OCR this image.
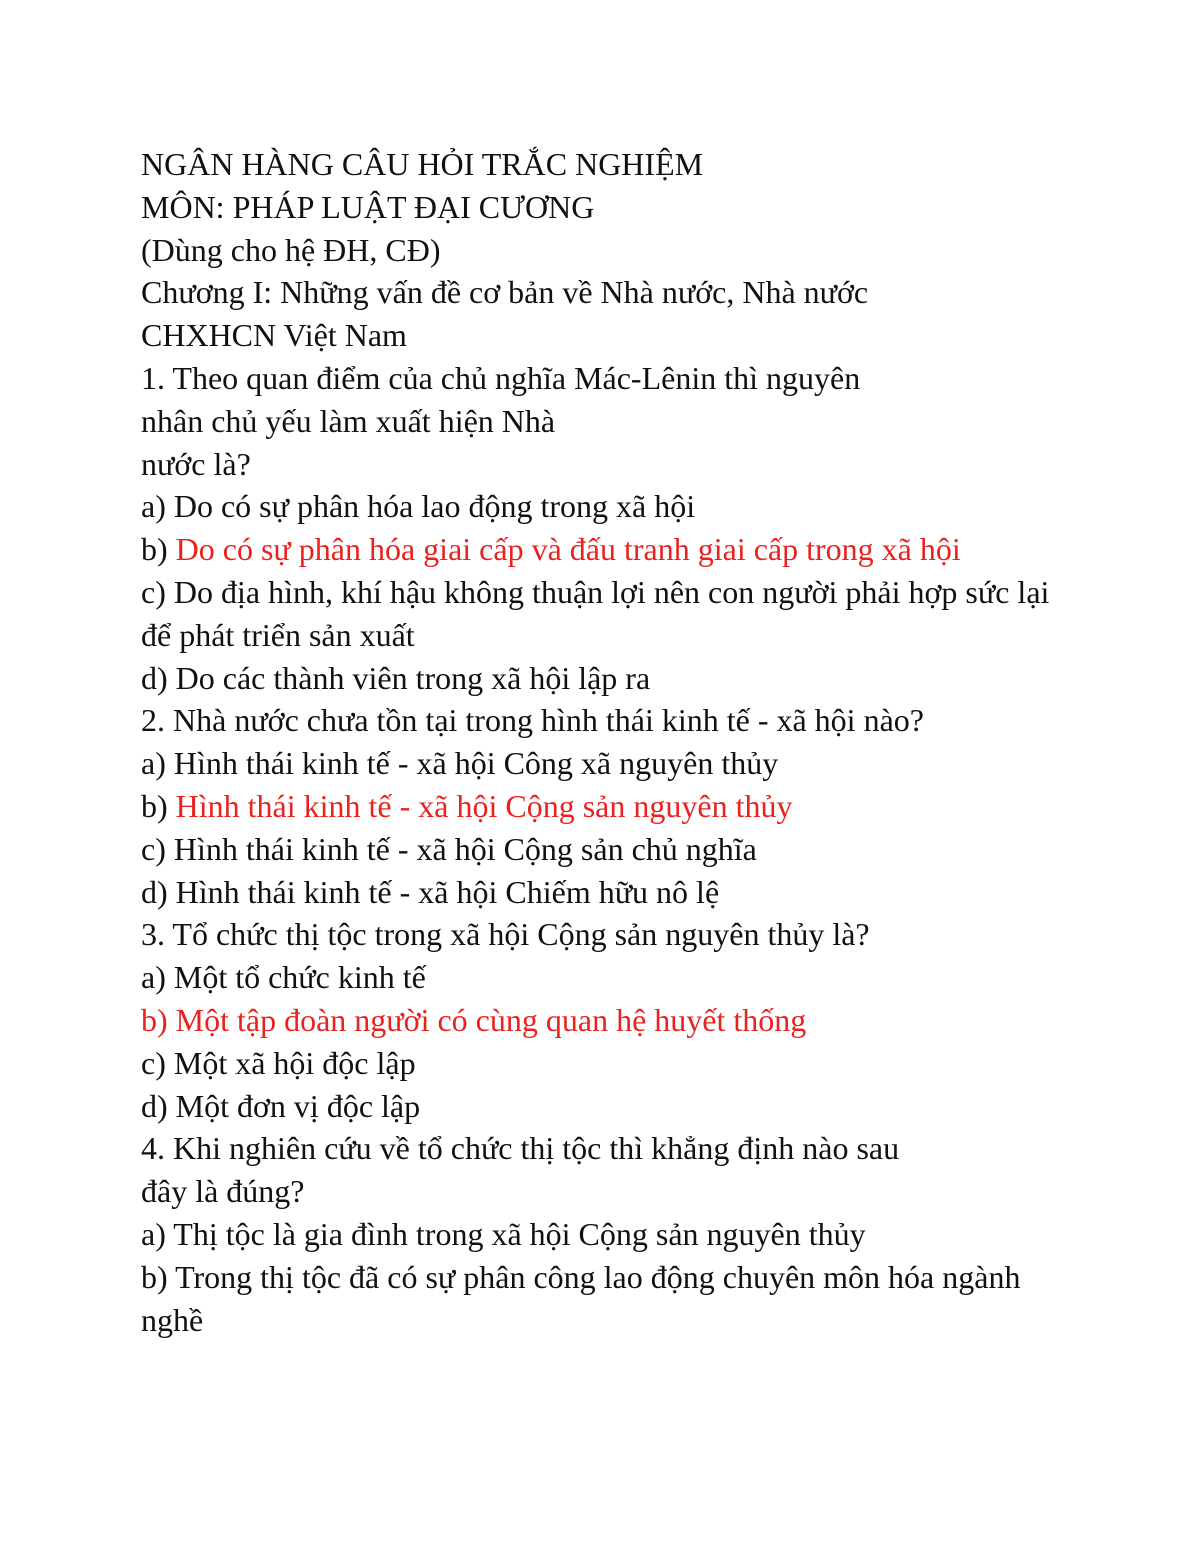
NGÂN HÀNG CÂU HỎI TRẮC NGHIỆM
MÔN: PHÁP LUẬT ĐẠI CƯƠNG
(Dùng cho hệ ĐH, CĐ)
Chương I: Những vấn đề cơ bản về Nhà nước, Nhà nước
CHXHCN Việt Nam
1. Theo quan điểm của chủ nghĩa Mác-Lênin thì nguyên
nhân chủ yếu làm xuất hiện Nhà
nước là?
a) Do có sự phân hóa lao động trong xã hội
b) Do có sự phân hóa giai cấp và đấu tranh giai cấp trong xã hội
c) Do địa hình, khí hậu không thuận lợi nên con người phải hợp sức lại để phát triển sản xuất
d) Do các thành viên trong xã hội lập ra
2. Nhà nước chưa tồn tại trong hình thái kinh tế - xã hội nào?
a) Hình thái kinh tế - xã hội Công xã nguyên thủy
b) Hình thái kinh tế - xã hội Cộng sản nguyên thủy
c) Hình thái kinh tế - xã hội Cộng sản chủ nghĩa
d) Hình thái kinh tế - xã hội Chiếm hữu nô lệ
3. Tổ chức thị tộc trong xã hội Cộng sản nguyên thủy là?
a) Một tổ chức kinh tế
b) Một tập đoàn người có cùng quan hệ huyết thống
c) Một xã hội độc lập
d) Một đơn vị độc lập
4. Khi nghiên cứu về tổ chức thị tộc thì khẳng định nào sau
đây là đúng?
a) Thị tộc là gia đình trong xã hội Cộng sản nguyên thủy
b) Trong thị tộc đã có sự phân công lao động chuyên môn hóa ngành nghề
